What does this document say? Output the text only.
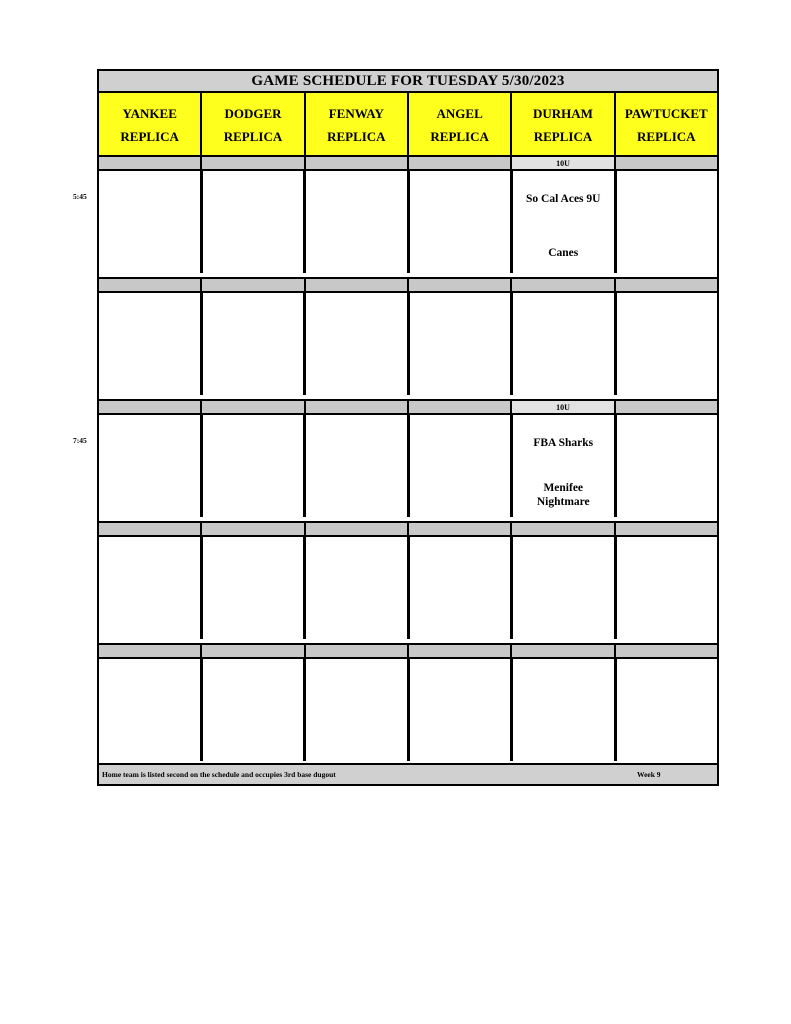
5:45
7:45
GAME SCHEDULE FOR TUESDAY 5/30/2023
YANKEE
REPLICA
DODGER
REPLICA
FENWAY
REPLICA
ANGEL
REPLICA
DURHAM
REPLICA
PAWTUCKET
REPLICA
10U
So Cal Aces 9U
Canes
10U
FBA Sharks
Menifee
Nightmare
Home team is listed second on the schedule and occupies 3rd base dugout	Week 9
